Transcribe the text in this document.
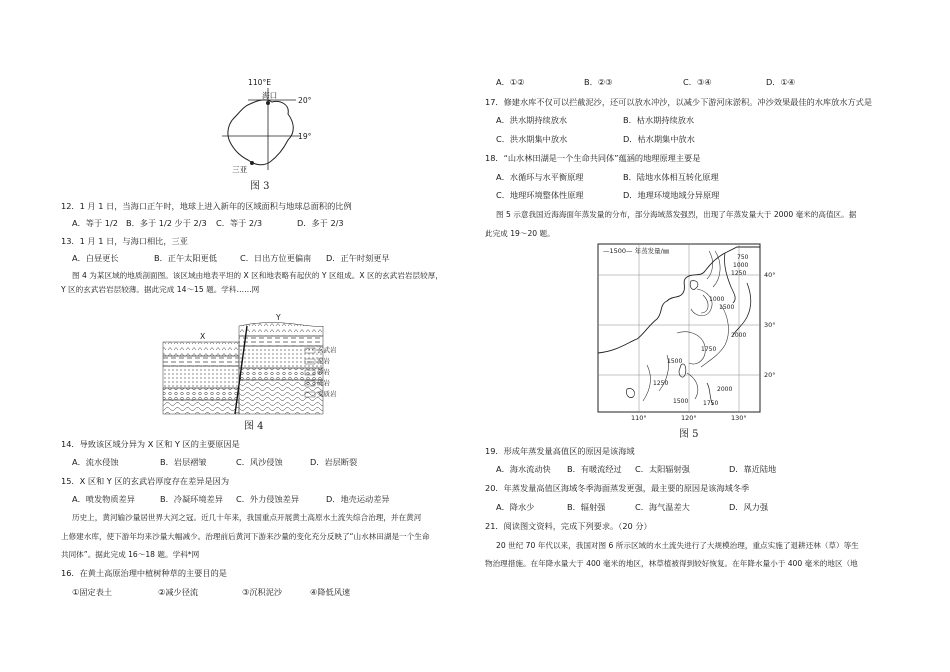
110°E
海口
20°
19°
三亚
图 3
12．1 月 1 日，当海口正午时，地球上进入新年的区域面积与地球总面积的比例
A．等于 1/2 B．多于 1/2 少于 2/3 C．等于 2/3	D．多于 2/3
13．1 月 1 日，与海口相比，三亚
A．白昼更长	B．正午太阳更低	C．日出方位更偏南 D．正午时刻更早
图 4 为某区域的地质剖面图。该区域由地表平坦的 X 区和地表略有起伏的 Y 区组成。X 区的玄武岩岩层较厚，
Y 区的玄武岩岩层较薄。据此完成 14～15 题。学科……网
X
Y
玄武岩
泥岩
砂岩
砾岩
变质岩
图 4
14．导致该区域分异为 X 区和 Y 区的主要原因是
A．流水侵蚀	B．岩层褶皱	C．风沙侵蚀	D．岩层断裂
15．X 区和 Y 区的玄武岩厚度存在差异是因为
A．喷发物质差异	B．冷凝环境差异 C．外力侵蚀差异	D．地壳运动差异
历史上，黄河输沙量居世界大河之冠。近几十年来，我国重点开展黄土高原水土流失综合治理，并在黄河
上修建水库，使下游年均来沙量大幅减少。治理前后黄河下游来沙量的变化充分反映了“山水林田湖是一个生命
共同体”。据此完成 16～18 题。学科*网
16．在黄土高原治理中植树种草的主要目的是
①固定表土	②减少径流	③沉积泥沙	④降低风速
A．①②	B．②③	C．③④	D．①④
17．修建水库不仅可以拦截泥沙，还可以放水冲沙，以减少下游河床淤积。冲沙效果最佳的水库放水方式是
A．洪水期持续放水	B．枯水期持续放水
C．洪水期集中放水	D．枯水期集中放水
18．“山水林田湖是一个生命共同体”蕴涵的地理原理主要是
A．水循环与水平衡原理	B．陆地水体相互转化原理
C．地理环境整体性原理	D．地理环境地域分异原理
图 5 示意我国近海海面年蒸发量的分布，部分海域蒸发强烈，出现了年蒸发量大于 2000 毫米的高值区。据
此完成 19～20 题。
—1500— 年蒸发量/㎜
750
1000
1250
1000
1500
2000
1750
1500
1250
2000
1750
1500
110°	120°	130°
40°
30°
20°
图 5
19．形成年蒸发量高值区的原因是该海域
A．海水流动快 B．有暖流经过 C．太阳辐射强	D．靠近陆地
20．年蒸发量高值区海域冬季海面蒸发更强，最主要的原因是该海域冬季
A．降水少	B．辐射强	C．海气温差大	D．风力强
21．阅读图文资料，完成下列要求。（20 分）
20 世纪 70 年代以来，我国对图 6 所示区域的水土流失进行了大规模治理，重点实施了退耕还林（草）等生
物治理措施。在年降水量大于 400 毫米的地区，林草植被得到较好恢复。在年降水量小于 400 毫米的地区（地
